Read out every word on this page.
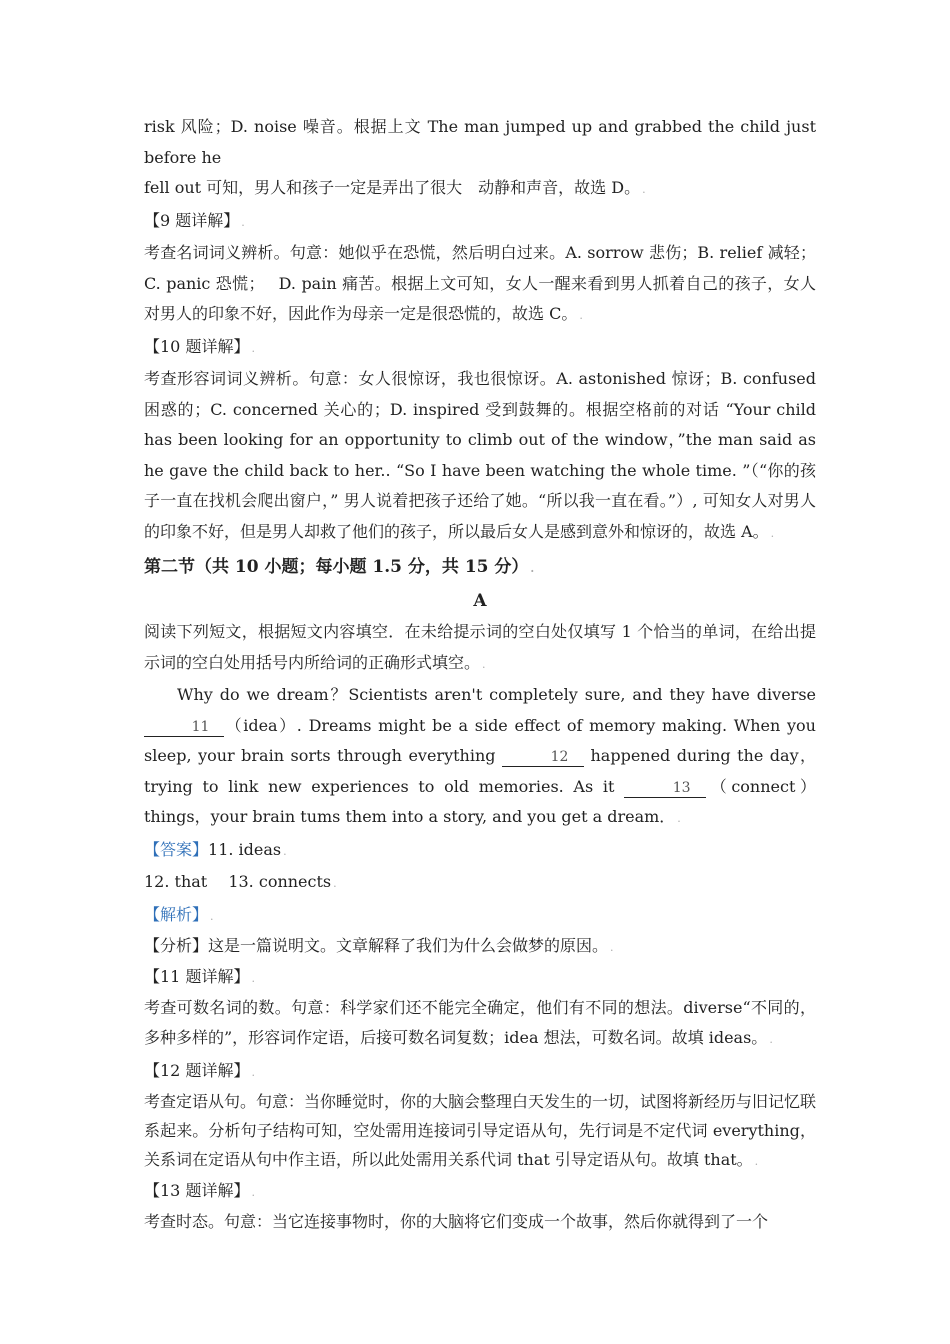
risk 风险；D. noise 噪音。根据上文 The man jumped up and grabbed the child just before he

fell out 可知，男人和孩子一定是弄出了很大　动静和声音，故选 D。 .

【9 题详解】 .

考查名词词义辨析。句意：她似乎在恐慌，然后明白过来。A. sorrow 悲伤；B. relief 减轻；C. panic 恐慌；　 D. pain 痛苦。根据上文可知，女人一醒来看到男人抓着自己的孩子，女人对男人的印象不好，因此作为母亲一定是很恐慌的，故选 C。 .

【10 题详解】 .

考查形容词词义辨析。句意：女人很惊讶，我也很惊讶。A. astonished 惊讶；B. confused 困惑的；C. concerned 关心的；D. inspired 受到鼓舞的。根据空格前的对话 “Your child has been looking for an opportunity to climb out of the window，”the man said as he gave the child back to her.. “So I have been watching the whole time. ”（“你的孩子一直在找机会爬出窗户，” 男人说着把孩子还给了她。“所以我一直在看。”）, 可知女人对男人的印象不好，但是男人却救了他们的孩子，所以最后女人是感到意外和惊讶的，故选 A。 .

第二节（共 10 小题；每小题 1.5 分，共 15 分） .

A

阅读下列短文，根据短文内容填空．在未给提示词的空白处仅填写 1 个恰当的单词，在给出提示词的空白处用括号内所给词的正确形式填空。 .

Why do we dream？Scientists aren't completely sure, and they have diverse11 （idea）. Dreams might be a side effect of memory making. When you sleep, your brain sorts through everything	12 happened during the day，trying to link new experiences to old memories. As it	13 （connect）things，your brain tums them into a story, and you get a dream． .

【答案】11. ideas .

12. that　 13. connects .

【解析】 .

【分析】这是一篇说明文。文章解释了我们为什么会做梦的原因。 .

【11 题详解】 .

考查可数名词的数。句意：科学家们还不能完全确定，他们有不同的想法。diverse“不同的，多种多样的”，形容词作定语，后接可数名词复数；idea 想法，可数名词。故填 ideas。 .

【12 题详解】 .

考查定语从句。句意：当你睡觉时，你的大脑会整理白天发生的一切，试图将新经历与旧记忆联系起来。分析句子结构可知，空处需用连接词引导定语从句，先行词是不定代词 everything，关系词在定语从句中作主语，所以此处需用关系代词 that 引导定语从句。故填 that。 .

【13 题详解】 .

考查时态。句意：当它连接事物时，你的大脑将它们变成一个故事，然后你就得到了一个
